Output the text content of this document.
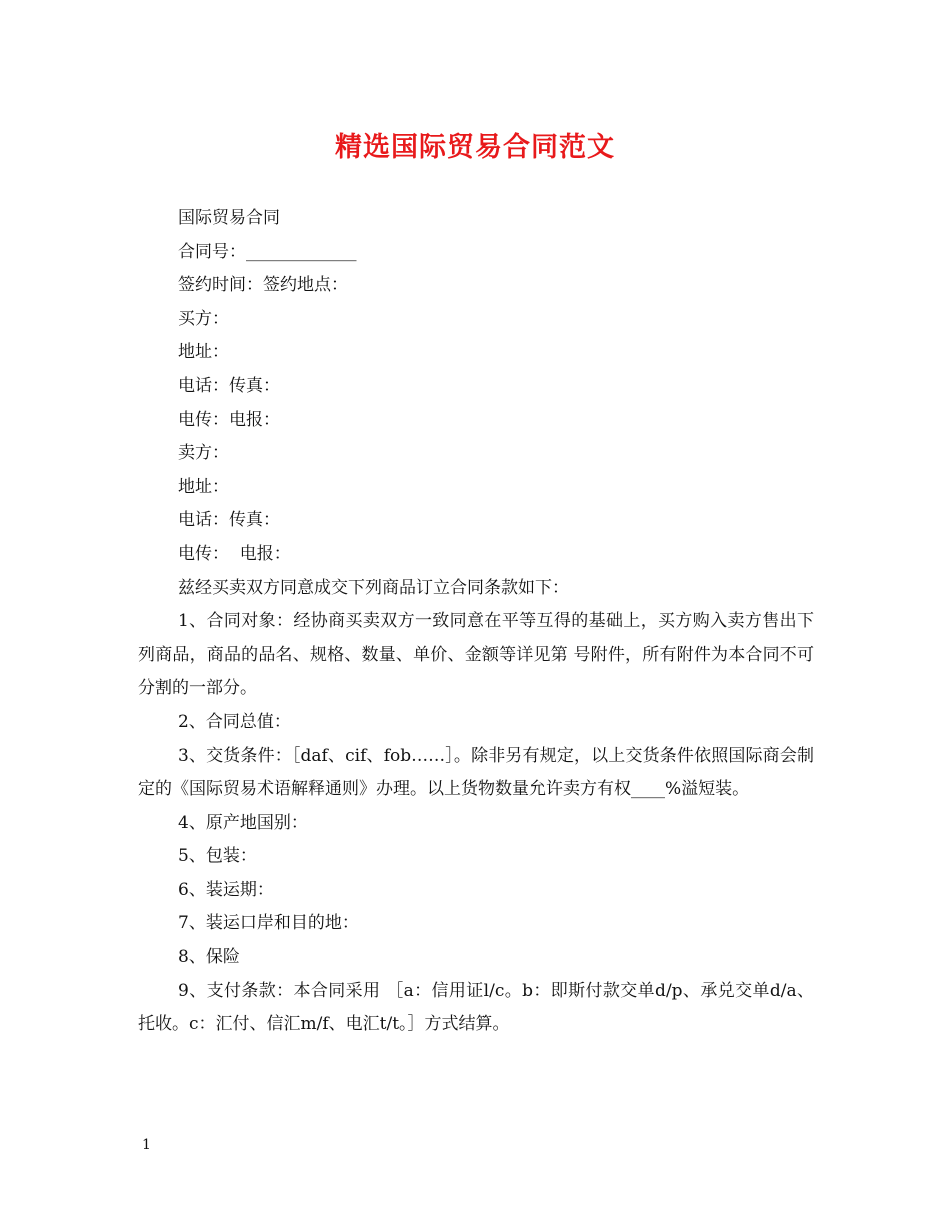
精选国际贸易合同范文

国际贸易合同

合同号：_____________

签约时间：签约地点：

买方：

地址：

电话：传真：

电传：电报：

卖方：

地址：

电话：传真：

电传：  电报：

兹经买卖双方同意成交下列商品订立合同条款如下：

1、合同对象：经协商买卖双方一致同意在平等互得的基础上，买方购入卖方售出下列商品，商品的品名、规格、数量、单价、金额等详见第 号附件，所有附件为本合同不可分割的一部分。

2、合同总值：

3、交货条件：［daf、cif、fob……］。除非另有规定，以上交货条件依照国际商会制定的《国际贸易术语解释通则》办理。以上货物数量允许卖方有权____%溢短装。

4、原产地国别：

5、包装：

6、装运期：

7、装运口岸和目的地：

8、保险

9、支付条款：本合同采用 ［a：信用证l/c。b：即斯付款交单d/p、承兑交单d/a、托收。c：汇付、信汇m/f、电汇t/t。］方式结算。

1
